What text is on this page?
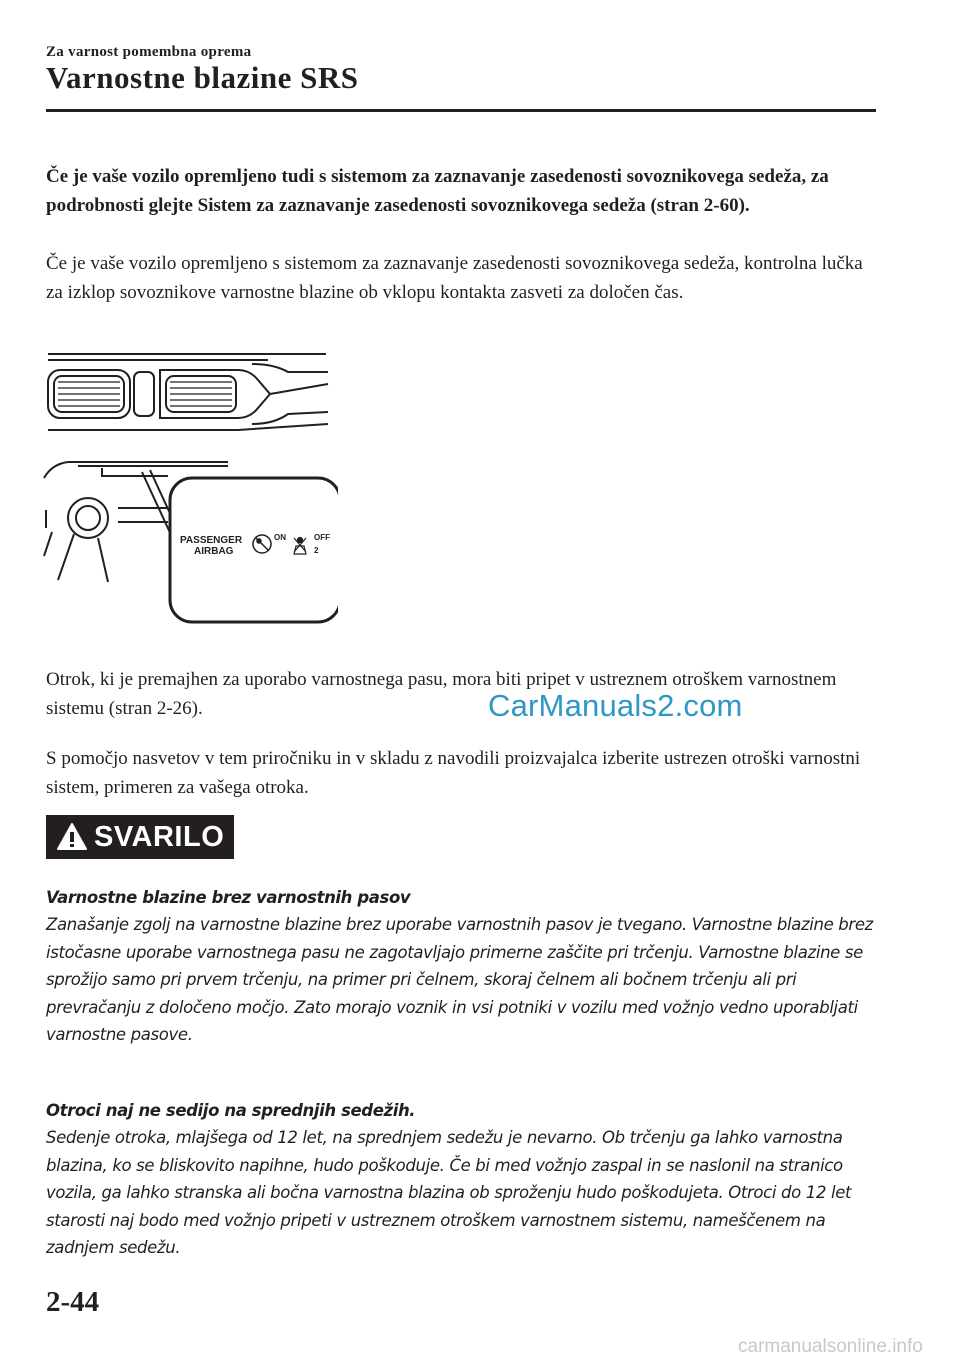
Za varnost pomembna oprema
Varnostne blazine SRS

Če je vaše vozilo opremljeno tudi s sistemom za zaznavanje zasedenosti sovoznikovega sedeža, za podrobnosti glejte Sistem za zaznavanje zasedenosti sovoznikovega sedeža (stran 2-60).

Če je vaše vozilo opremljeno s sistemom za zaznavanje zasedenosti sovoznikovega sedeža, kontrolna lučka za izklop sovoznikove varnostne blazine ob vklopu kontakta zasveti za določen čas.

PASSENGER
AIRBAG
ON	OFF
2

Otrok, ki je premajhen za uporabo varnostnega pasu, mora biti pripet v ustreznem otroškem varnostnem sistemu (stran 2-26).	CarManuals2.com

S pomočjo nasvetov v tem priročniku in v skladu z navodili proizvajalca izberite ustrezen otroški varnostni sistem, primeren za vašega otroka.

SVARILO

Varnostne blazine brez varnostnih pasov

Zanašanje zgolj na varnostne blazine brez uporabe varnostnih pasov je tvegano. Varnostne blazine brez istočasne uporabe varnostnega pasu ne zagotavljajo primerne zaščite pri trčenju. Varnostne blazine se sprožijo samo pri prvem trčenju, na primer pri čelnem, skoraj čelnem ali bočnem trčenju ali pri prevračanju z določeno močjo. Zato morajo voznik in vsi potniki v vozilu med vožnjo vedno uporabljati varnostne pasove.

Otroci naj ne sedijo na sprednjih sedežih.

Sedenje otroka, mlajšega od 12 let, na sprednjem sedežu je nevarno. Ob trčenju ga lahko varnostna blazina, ko se bliskovito napihne, hudo poškoduje. Če bi med vožnjo zaspal in se naslonil na stranico vozila, ga lahko stranska ali bočna varnostna blazina ob sproženju hudo poškodujeta. Otroci do 12 let starosti naj bodo med vožnjo pripeti v ustreznem otroškem varnostnem sistemu, nameščenem na zadnjem sedežu.

2-44
carmanualsonline.info
